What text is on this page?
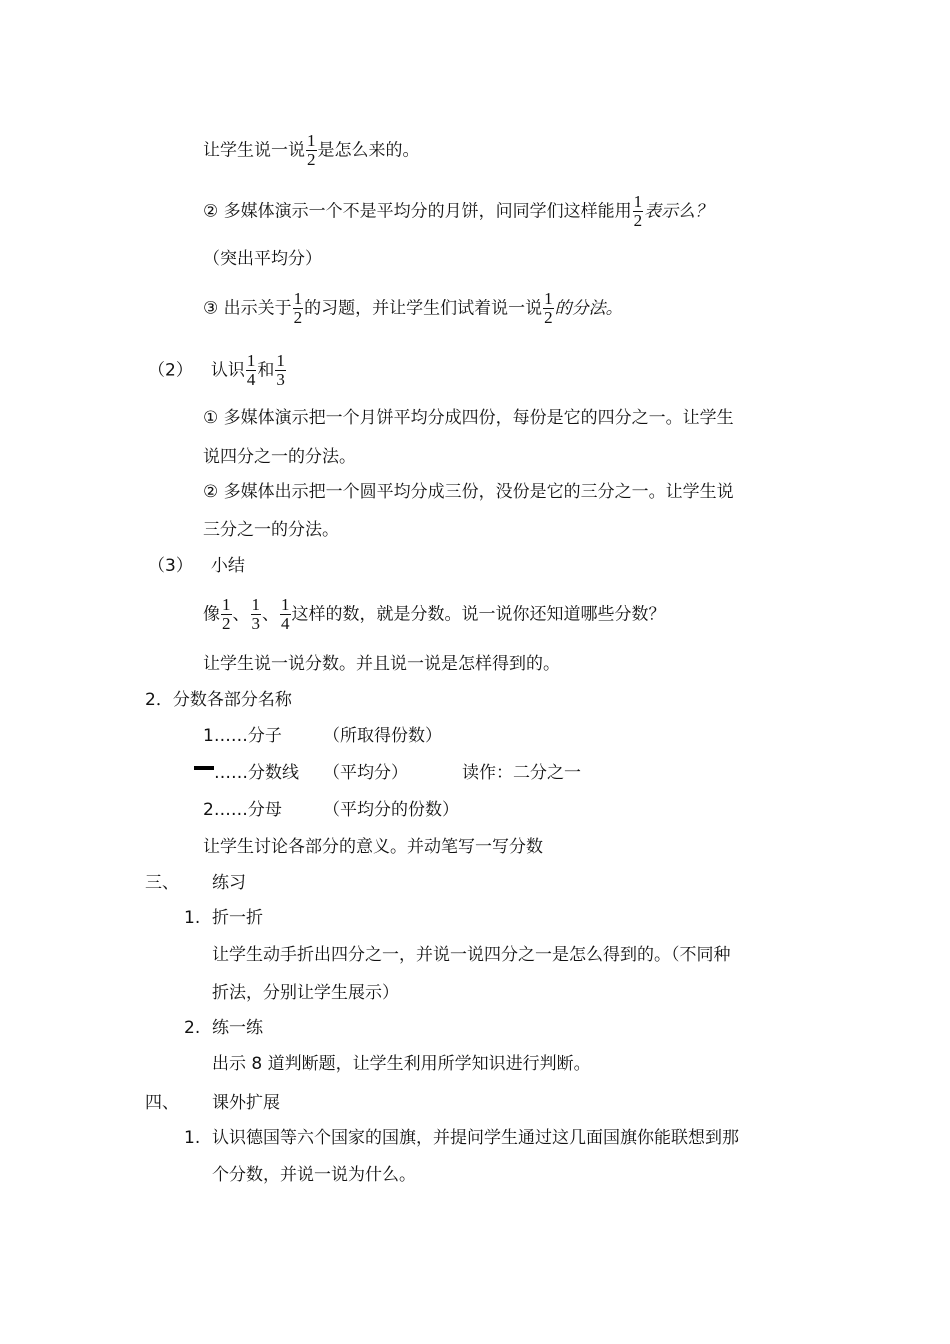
让学生说一说 $\frac{1}{2}$ 是怎么来的。
② 多媒体演示一个不是平均分的月饼，问同学们这样能用 $\frac{1}{2}$ 表示么？
（突出平均分）
③ 出示关于 $\frac{1}{2}$ 的习题，并让学生们试着说一说 $\frac{1}{2}$ 的分法。
（2） 认识 $\frac{1}{4}$ 和 $\frac{1}{3}$
① 多媒体演示把一个月饼平均分成四份，每份是它的四分之一。让学生
说四分之一的分法。
② 多媒体出示把一个圆平均分成三份，没份是它的三分之一。让学生说
三分之一的分法。
（3） 小结
像 $\frac{1}{2}$ 、 $\frac{1}{3}$ 、 $\frac{1}{4}$ 这样的数，就是分数。说一说你还知道哪些分数？
让学生说一说分数。并且说一说是怎样得到的。
2．分数各部分名称
1……分子 （所取得份数）
……分数线 （平均分）	读作：二分之一
2……分母 （平均分的份数）
让学生讨论各部分的意义。并动笔写一写分数
三、 练习
1. 折一折
让学生动手折出四分之一，并说一说四分之一是怎么得到的。（不同种
折法，分别让学生展示）
2. 练一练
出示 8 道判断题，让学生利用所学知识进行判断。
四、 课外扩展
1. 认识德国等六个国家的国旗，并提问学生通过这几面国旗你能联想到那
个分数，并说一说为什么。
